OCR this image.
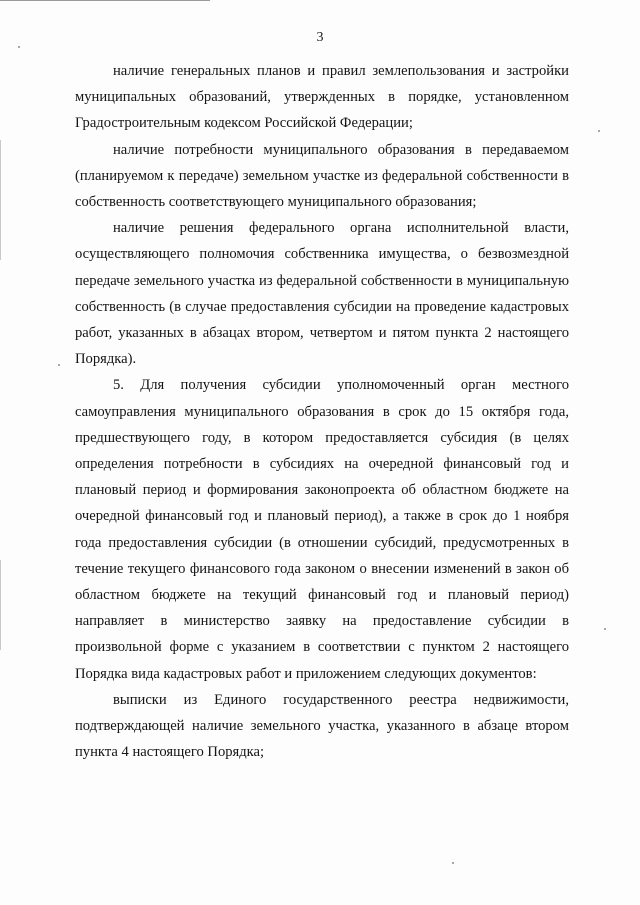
3

наличие генеральных планов и правил землепользования и застройки муниципальных образований, утвержденных в порядке, установленном Градостроительным кодексом Российской Федерации;

наличие потребности муниципального образования в передаваемом (планируемом к передаче) земельном участке из федеральной собственности в собственность соответствующего муниципального образования;

наличие решения федерального органа исполнительной власти, осуществляющего полномочия собственника имущества, о безвозмездной передаче земельного участка из федеральной собственности в муниципальную собственность (в случае предоставления субсидии на проведение кадастровых работ, указанных в абзацах втором, четвертом и пятом пункта 2 настоящего Порядка).

5. Для получения субсидии уполномоченный орган местного самоуправления муниципального образования в срок до 15 октября года, предшествующего году, в котором предоставляется субсидия (в целях определения потребности в субсидиях на очередной финансовый год и плановый период и формирования законопроекта об областном бюджете на очередной финансовый год и плановый период), а также в срок до 1 ноября года предоставления субсидии (в отношении субсидий, предусмотренных в течение текущего финансового года законом о внесении изменений в закон об областном бюджете на текущий финансовый год и плановый период) направляет в министерство заявку на предоставление субсидии в произвольной форме с указанием в соответствии с пунктом 2 настоящего Порядка вида кадастровых работ и приложением следующих документов:

выписки из Единого государственного реестра недвижимости, подтверждающей наличие земельного участка, указанного в абзаце втором пункта 4 настоящего Порядка;
